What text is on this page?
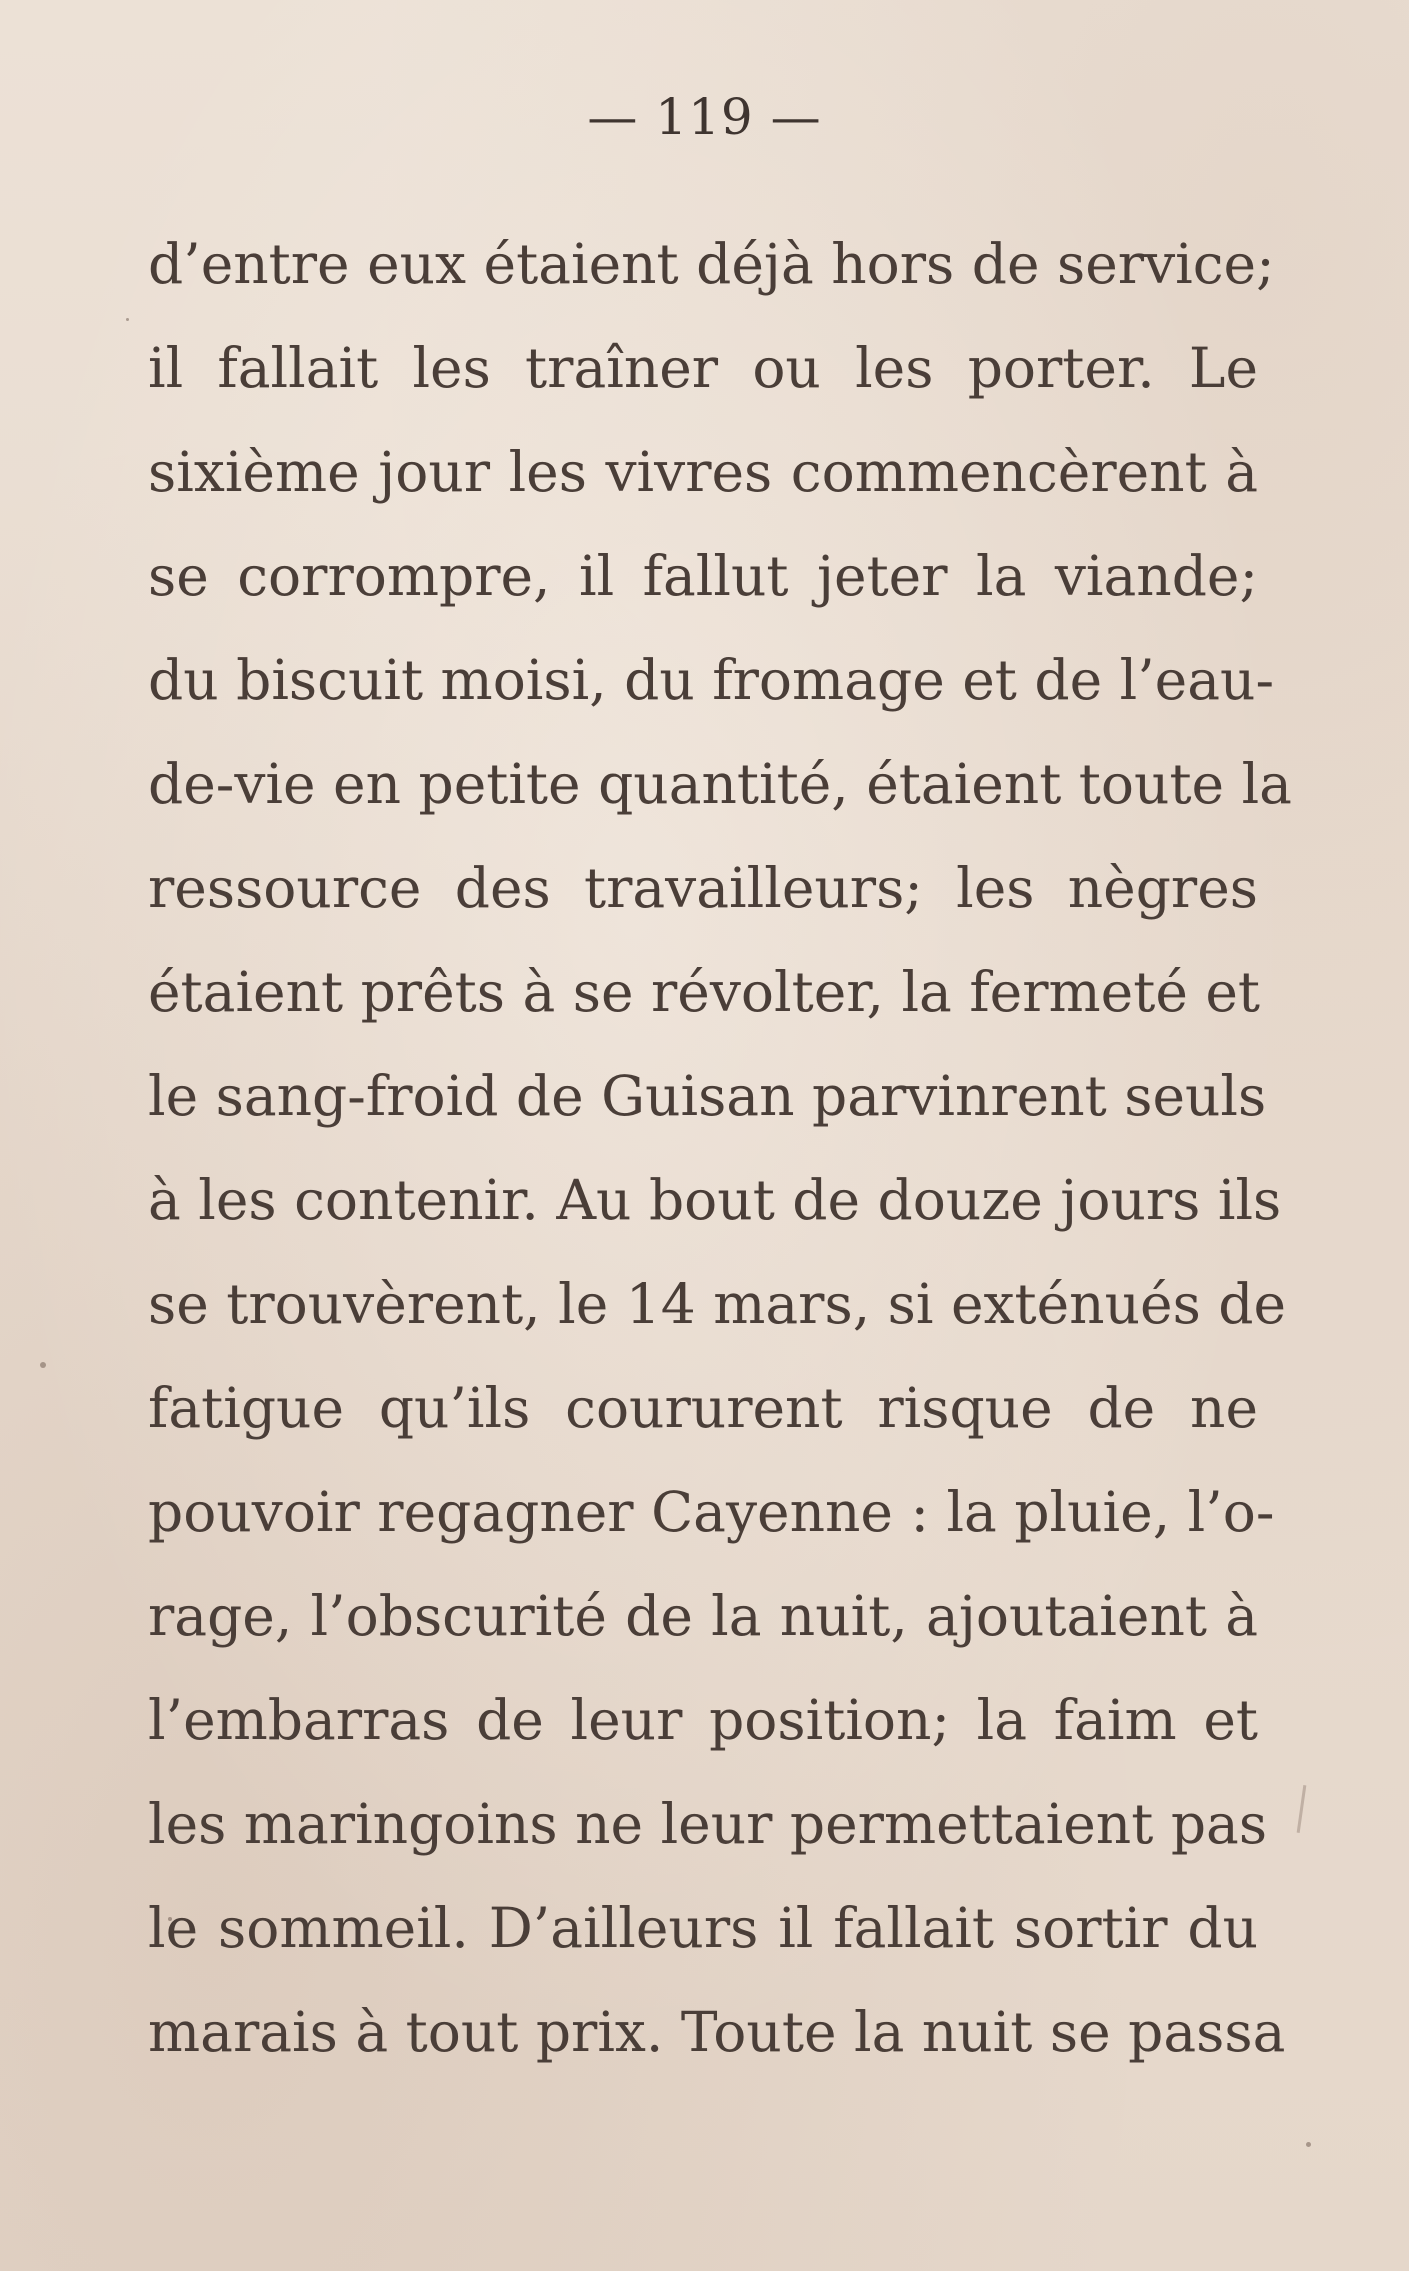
— 119 —
d’entre eux étaient déjà hors de service;
il fallait les traîner ou les porter. Le
sixième jour les vivres commencèrent à
se corrompre, il fallut jeter la viande;
du biscuit moisi, du fromage et de l’eau-
de-vie en petite quantité, étaient toute la
ressource des travailleurs; les nègres
étaient prêts à se révolter, la fermeté et
le sang-froid de Guisan parvinrent seuls
à les contenir. Au bout de douze jours ils
se trouvèrent, le 14 mars, si exténués de
fatigue qu’ils coururent risque de ne
pouvoir regagner Cayenne : la pluie, l’o-
rage, l’obscurité de la nuit, ajoutaient à
l’embarras de leur position; la faim et
les maringoins ne leur permettaient pas
le sommeil. D’ailleurs il fallait sortir du
marais à tout prix. Toute la nuit se passa
